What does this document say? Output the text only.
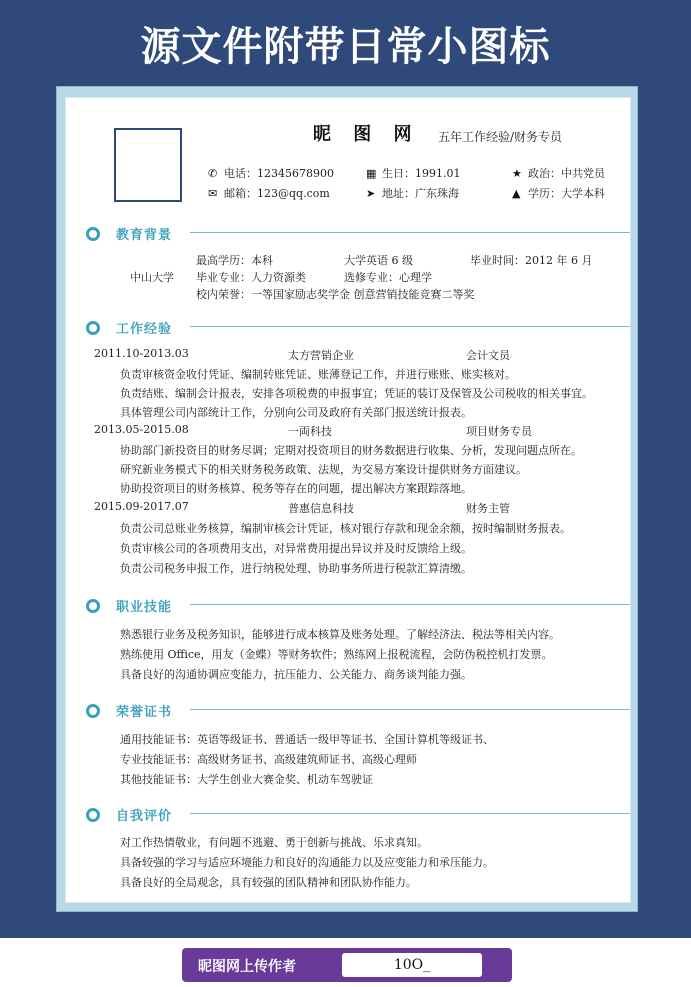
源文件附带日常小图标
昵 图 网 五年工作经验/财务专员
✆ 电话：12345678900	▦ 生日：1991.01	★ 政治：中共党员
✉ 邮箱：123@qq.com	➤ 地址：广东珠海	▲ 学历：大学本科
教育背景
中山大学
最高学历：本科	大学英语 6 级	毕业时间：2012 年 6 月
毕业专业：人力资源类	选修专业：心理学
校内荣誉：一等国家励志奖学金 创意营销技能竞赛二等奖
工作经验
2011.10-2013.03	太方营销企业	会计文员
负责审核资金收付凭证、编制转账凭证、账薄登记工作，并进行账账、账实核对。
负责结账、编制会计报表，安排各项税费的申报事宜；凭证的装订及保管及公司税收的相关事宜。
具体管理公司内部统计工作，分别向公司及政府有关部门报送统计报表。
2013.05-2015.08	一両科技	项目财务专员
协助部门新投资目的财务尽调；定期对投资项目的财务数据进行收集、分析，发现问题点所在。
研究新业务模式下的相关财务税务政策、法规，为交易方案设计提供财务方面建议。
协助投资项目的财务核算、税务等存在的问题，提出解决方案跟踪落地。
2015.09-2017.07	普惠信息科技	财务主管
负责公司总账业务核算，编制审核会计凭证，核对银行存款和现金余额，按时编制财务报表。
负责审核公司的各项费用支出，对异常费用提出异议并及时反馈给上级。
负责公司税务申报工作，进行纳税处理、协助事务所进行税款汇算清缴。
职业技能
熟悉银行业务及税务知识，能够进行成本核算及账务处理。了解经济法、税法等相关内容。
熟练使用 Office，用友（金蝶）等财务软件；熟练网上报税流程，会防伪税控机打发票。
具备良好的沟通协调应变能力，抗压能力、公关能力、商务谈判能力强。
荣誉证书
通用技能证书：英语等级证书、普通话一级甲等证书、全国计算机等级证书、
专业技能证书：高级财务证书、高级建筑师证书、高级心理师
其他技能证书：大学生创业大赛金奖、机动车驾驶证
自我评价
对工作热情敬业，有问题不逃避、勇于创新与挑战、乐求真知。
具备较强的学习与适应环境能力和良好的沟通能力以及应变能力和承压能力。
具备良好的全局观念，具有较强的团队精神和团队协作能力。
昵图网上传作者	10O_
